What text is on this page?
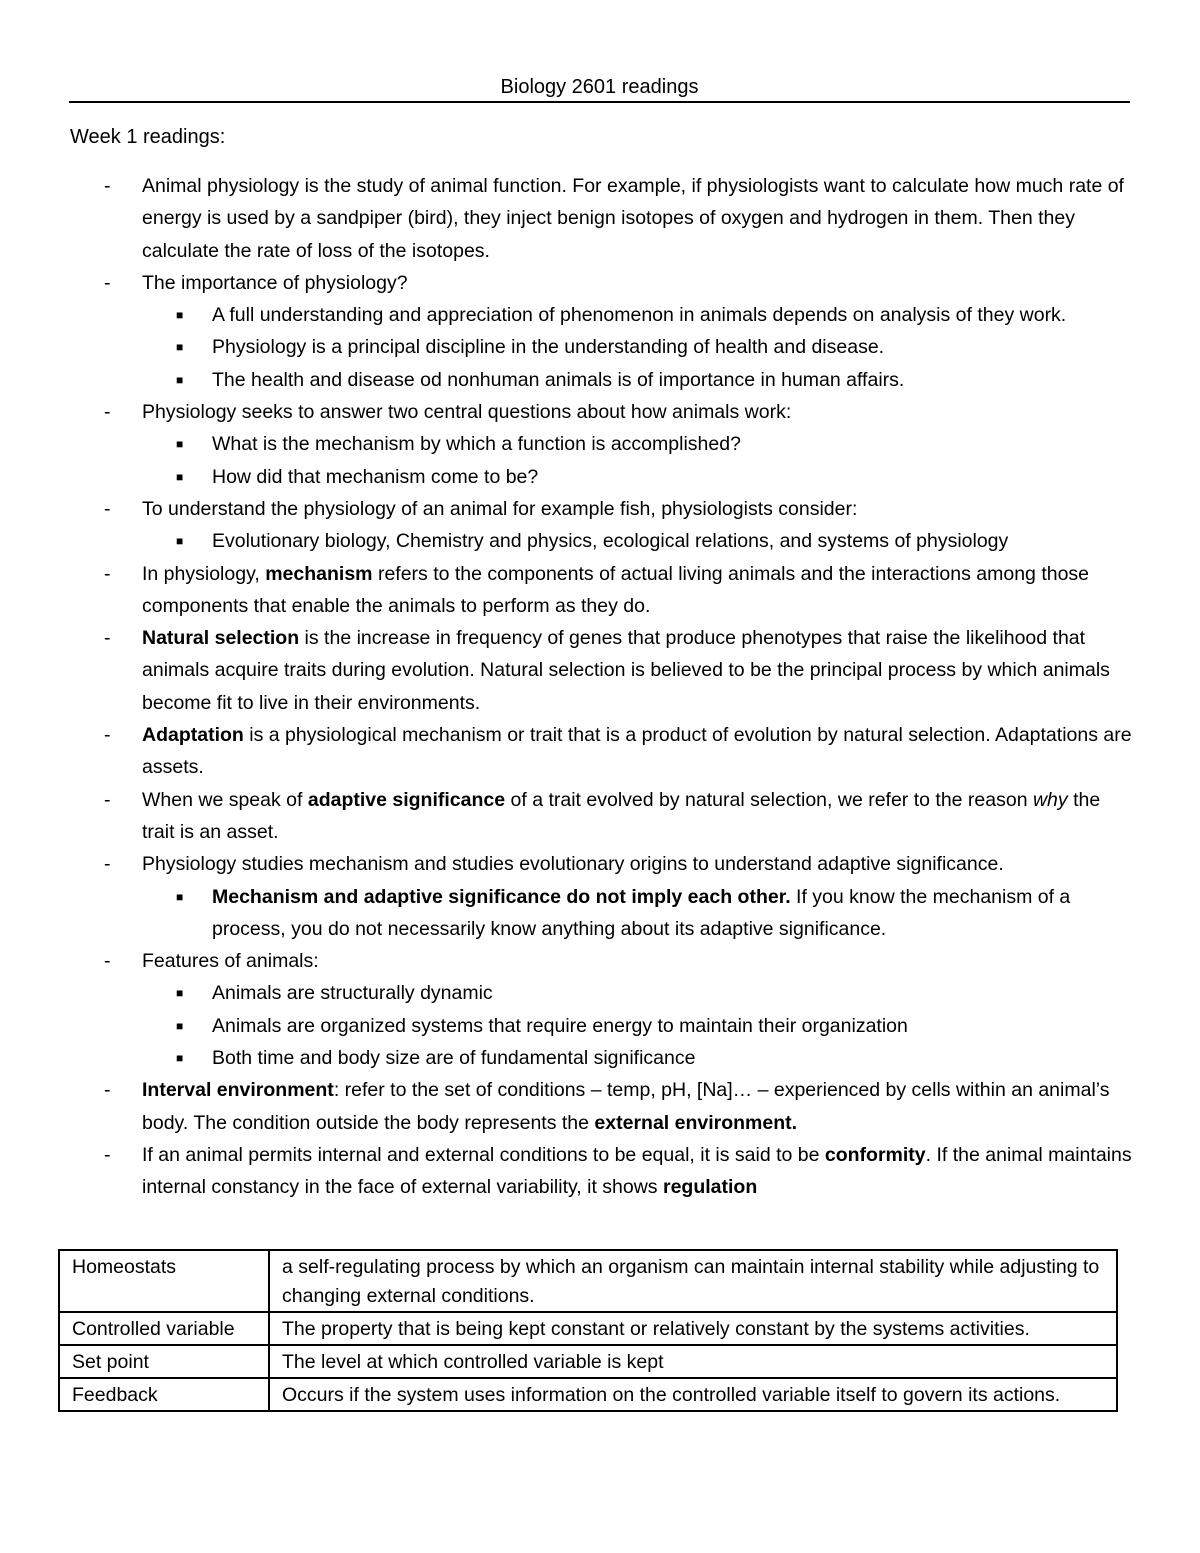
Biology 2601 readings
Week 1 readings:
- Animal physiology is the study of animal function. For example, if physiologists want to calculate how much rate of energy is used by a sandpiper (bird), they inject benign isotopes of oxygen and hydrogen in them. Then they calculate the rate of loss of the isotopes.
- The importance of physiology?
■ A full understanding and appreciation of phenomenon in animals depends on analysis of they work.
■ Physiology is a principal discipline in the understanding of health and disease.
■ The health and disease od nonhuman animals is of importance in human affairs.
- Physiology seeks to answer two central questions about how animals work:
■ What is the mechanism by which a function is accomplished?
■ How did that mechanism come to be?
- To understand the physiology of an animal for example fish, physiologists consider:
■ Evolutionary biology, Chemistry and physics, ecological relations, and systems of physiology
- In physiology, mechanism refers to the components of actual living animals and the interactions among those components that enable the animals to perform as they do.
- Natural selection is the increase in frequency of genes that produce phenotypes that raise the likelihood that animals acquire traits during evolution. Natural selection is believed to be the principal process by which animals become fit to live in their environments.
- Adaptation is a physiological mechanism or trait that is a product of evolution by natural selection. Adaptations are assets.
- When we speak of adaptive significance of a trait evolved by natural selection, we refer to the reason why the trait is an asset.
- Physiology studies mechanism and studies evolutionary origins to understand adaptive significance.
■ Mechanism and adaptive significance do not imply each other. If you know the mechanism of a process, you do not necessarily know anything about its adaptive significance.
- Features of animals:
■ Animals are structurally dynamic
■ Animals are organized systems that require energy to maintain their organization
■ Both time and body size are of fundamental significance
- Interval environment: refer to the set of conditions – temp, pH, [Na]… – experienced by cells within an animal’s body. The condition outside the body represents the external environment.
- If an animal permits internal and external conditions to be equal, it is said to be conformity. If the animal maintains internal constancy in the face of external variability, it shows regulation
Homeostats	a self-regulating process by which an organism can maintain internal stability while adjusting to changing external conditions.
Controlled variable	The property that is being kept constant or relatively constant by the systems activities.
Set point	The level at which controlled variable is kept
Feedback	Occurs if the system uses information on the controlled variable itself to govern its actions.
